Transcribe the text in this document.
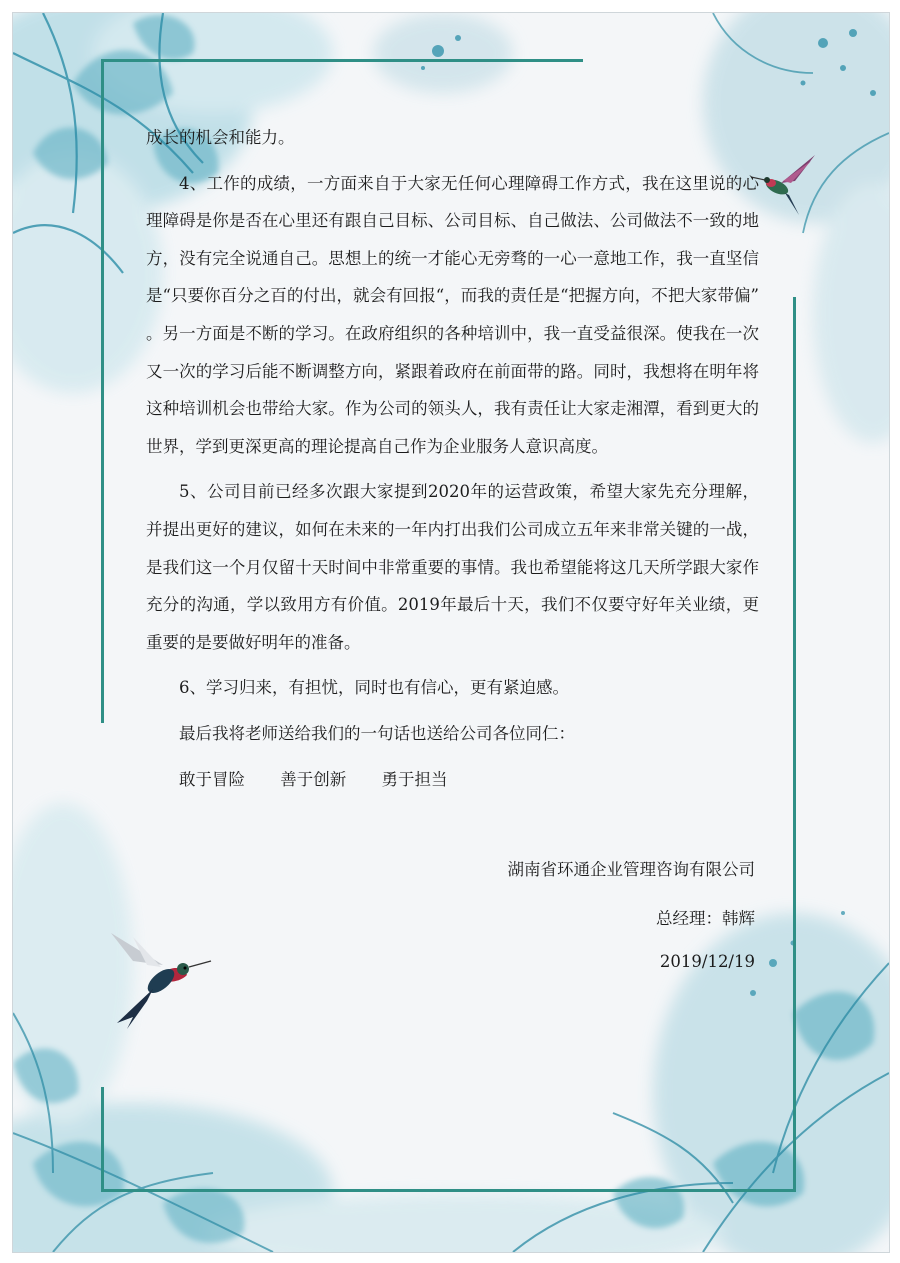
成长的机会和能力。

4、工作的成绩，一方面来自于大家无任何心理障碍工作方式，我在这里说的心理障碍是你是否在心里还有跟自己目标、公司目标、自己做法、公司做法不一致的地方，没有完全说通自己。思想上的统一才能心无旁骛的一心一意地工作，我一直坚信是“只要你百分之百的付出，就会有回报“，而我的责任是“把握方向，不把大家带偏” 。另一方面是不断的学习。在政府组织的各种培训中，我一直受益很深。使我在一次又一次的学习后能不断调整方向，紧跟着政府在前面带的路。同时，我想将在明年将这种培训机会也带给大家。作为公司的领头人，我有责任让大家走湘潭，看到更大的世界，学到更深更高的理论提高自己作为企业服务人意识高度。

5、公司目前已经多次跟大家提到2020年的运营政策，希望大家先充分理解，并提出更好的建议，如何在未来的一年内打出我们公司成立五年来非常关键的一战，是我们这一个月仅留十天时间中非常重要的事情。我也希望能将这几天所学跟大家作充分的沟通，学以致用方有价值。2019年最后十天，我们不仅要守好年关业绩，更重要的是要做好明年的准备。

6、学习归来，有担忧，同时也有信心，更有紧迫感。

最后我将老师送给我们的一句话也送给公司各位同仁：

敢于冒险 善于创新 勇于担当

湖南省环通企业管理咨询有限公司
总经理：韩辉
2019/12/19
